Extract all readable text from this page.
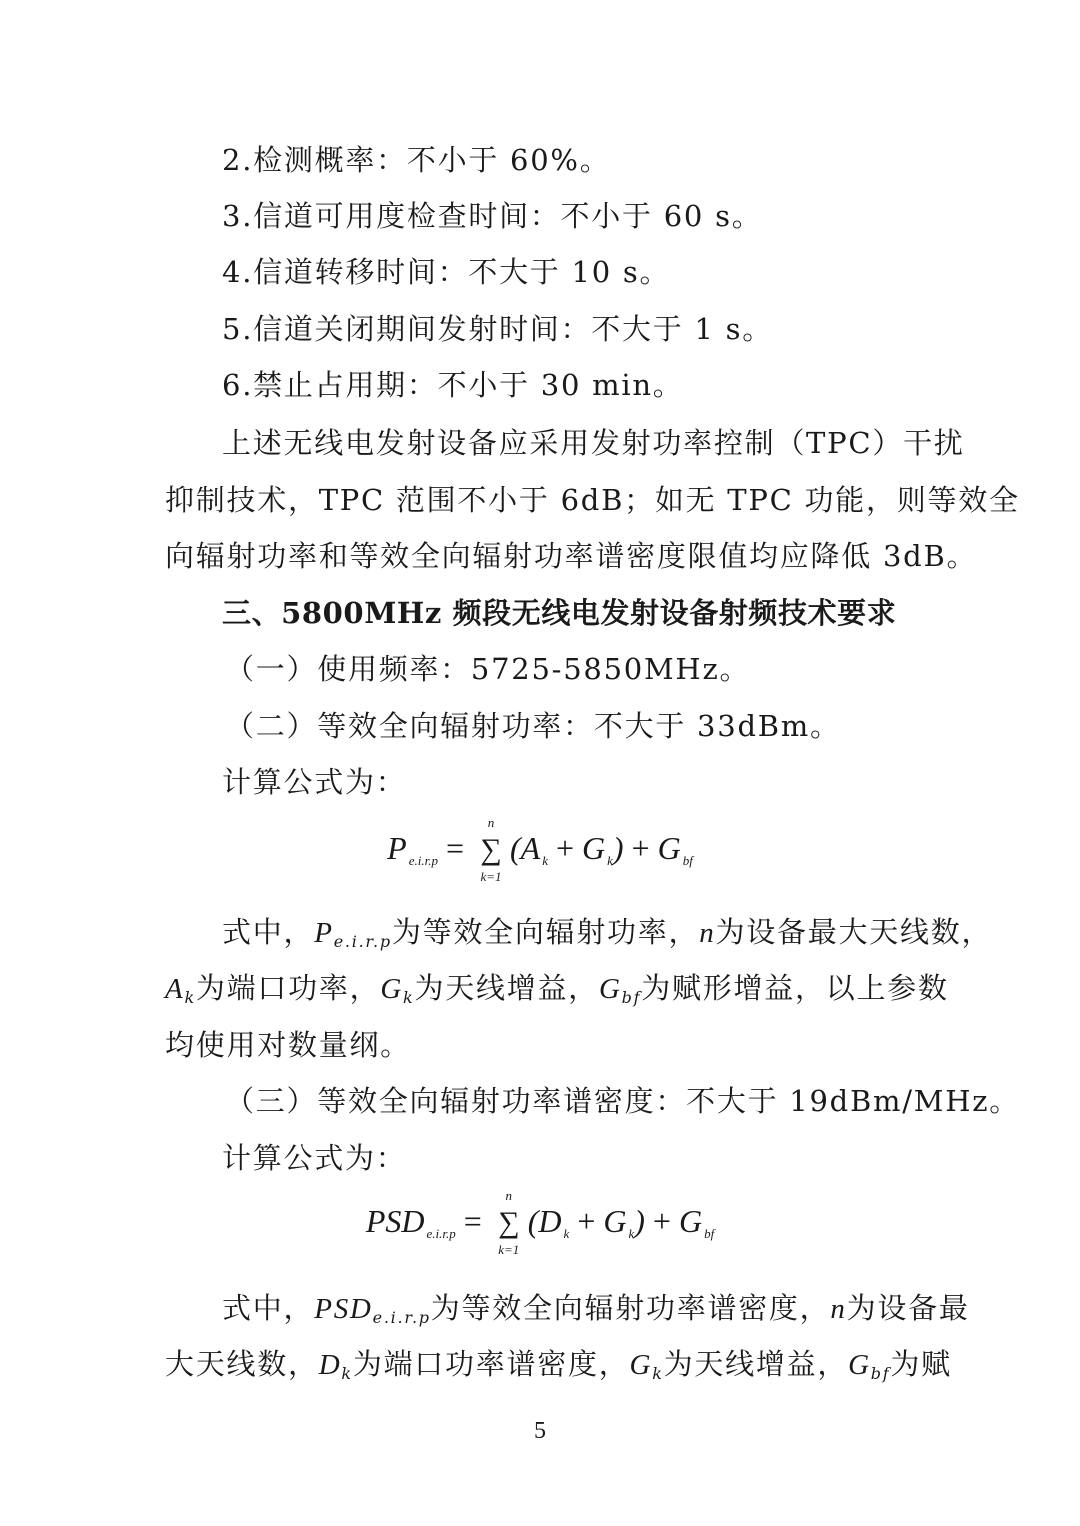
2.检测概率：不小于 60%。
3.信道可用度检查时间：不小于 60 s。
4.信道转移时间：不大于 10 s。
5.信道关闭期间发射时间：不大于 1 s。
6.禁止占用期：不小于 30 min。
上述无线电发射设备应采用发射功率控制（TPC）干扰
抑制技术，TPC 范围不小于 6dB；如无 TPC 功能，则等效全
向辐射功率和等效全向辐射功率谱密度限值均应降低 3dB。
三、5800MHz 频段无线电发射设备射频技术要求
（一）使用频率：5725-5850MHz。
（二）等效全向辐射功率：不大于 33dBm。
计算公式为：
P $_{e.i.r.p}$ = ∑
n
k=1
(A $_k$ + G $_k$) + G $_{bf}$
式中，$P_{e.i.r.p}$为等效全向辐射功率，n为设备最大天线数，
$A_k$为端口功率，$G_k$为天线增益，$G_{bf}$为赋形增益，以上参数
均使用对数量纲。
（三）等效全向辐射功率谱密度：不大于 19dBm/MHz。
计算公式为：
PSD $_{e.i.r.p}$ = ∑
n
k=1
(D $_k$ + G $_k$) + G $_{bf}$
式中，$PSD_{e.i.r.p}$为等效全向辐射功率谱密度，n为设备最
大天线数，$D_k$为端口功率谱密度，$G_k$为天线增益，$G_{bf}$为赋
5
